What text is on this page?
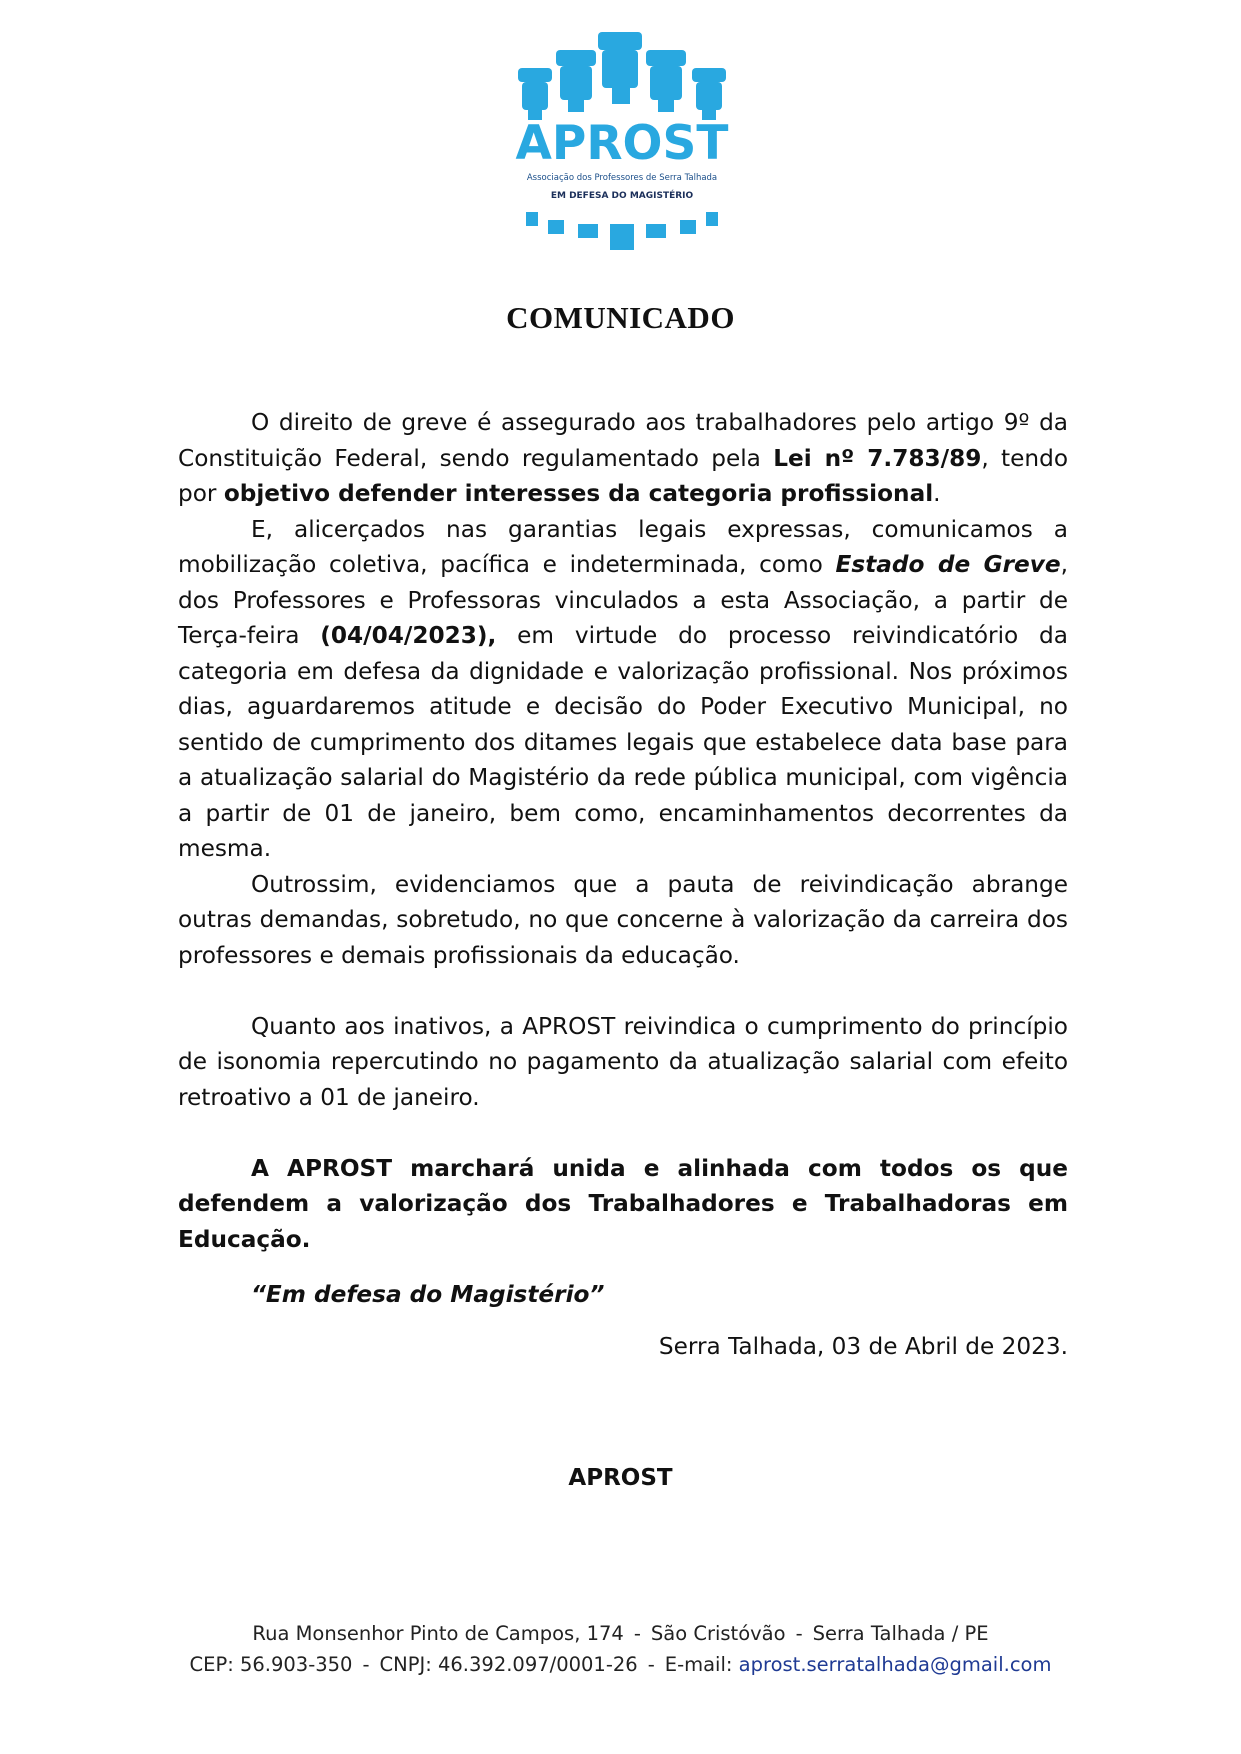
APROST
Associação dos Professores de Serra Talhada
EM DEFESA DO MAGISTÉRIO
COMUNICADO

O direito de greve é assegurado aos trabalhadores pelo artigo 9º da Constituição Federal, sendo regulamentado pela Lei nº 7.783/89, tendo por objetivo defender interesses da categoria profissional.

E, alicerçados nas garantias legais expressas, comunicamos a mobilização coletiva, pacífica e indeterminada, como Estado de Greve, dos Professores e Professoras vinculados a esta Associação, a partir de Terça-feira (04/04/2023), em virtude do processo reivindicatório da categoria em defesa da dignidade e valorização profissional. Nos próximos dias, aguardaremos atitude e decisão do Poder Executivo Municipal, no sentido de cumprimento dos ditames legais que estabelece data base para a atualização salarial do Magistério da rede pública municipal, com vigência a partir de 01 de janeiro, bem como, encaminhamentos decorrentes da mesma.

Outrossim, evidenciamos que a pauta de reivindicação abrange outras demandas, sobretudo, no que concerne à valorização da carreira dos professores e demais profissionais da educação.

Quanto aos inativos, a APROST reivindica o cumprimento do princípio de isonomia repercutindo no pagamento da atualização salarial com efeito retroativo a 01 de janeiro.

A APROST marchará unida e alinhada com todos os que defendem a valorização dos Trabalhadores e Trabalhadoras em Educação.

“Em defesa do Magistério”

Serra Talhada, 03 de Abril de 2023.

APROST
Rua Monsenhor Pinto de Campos, 174 - São Cristóvão - Serra Talhada / PE
CEP: 56.903-350 - CNPJ: 46.392.097/0001-26 - E-mail: aprost.serratalhada@gmail.com
